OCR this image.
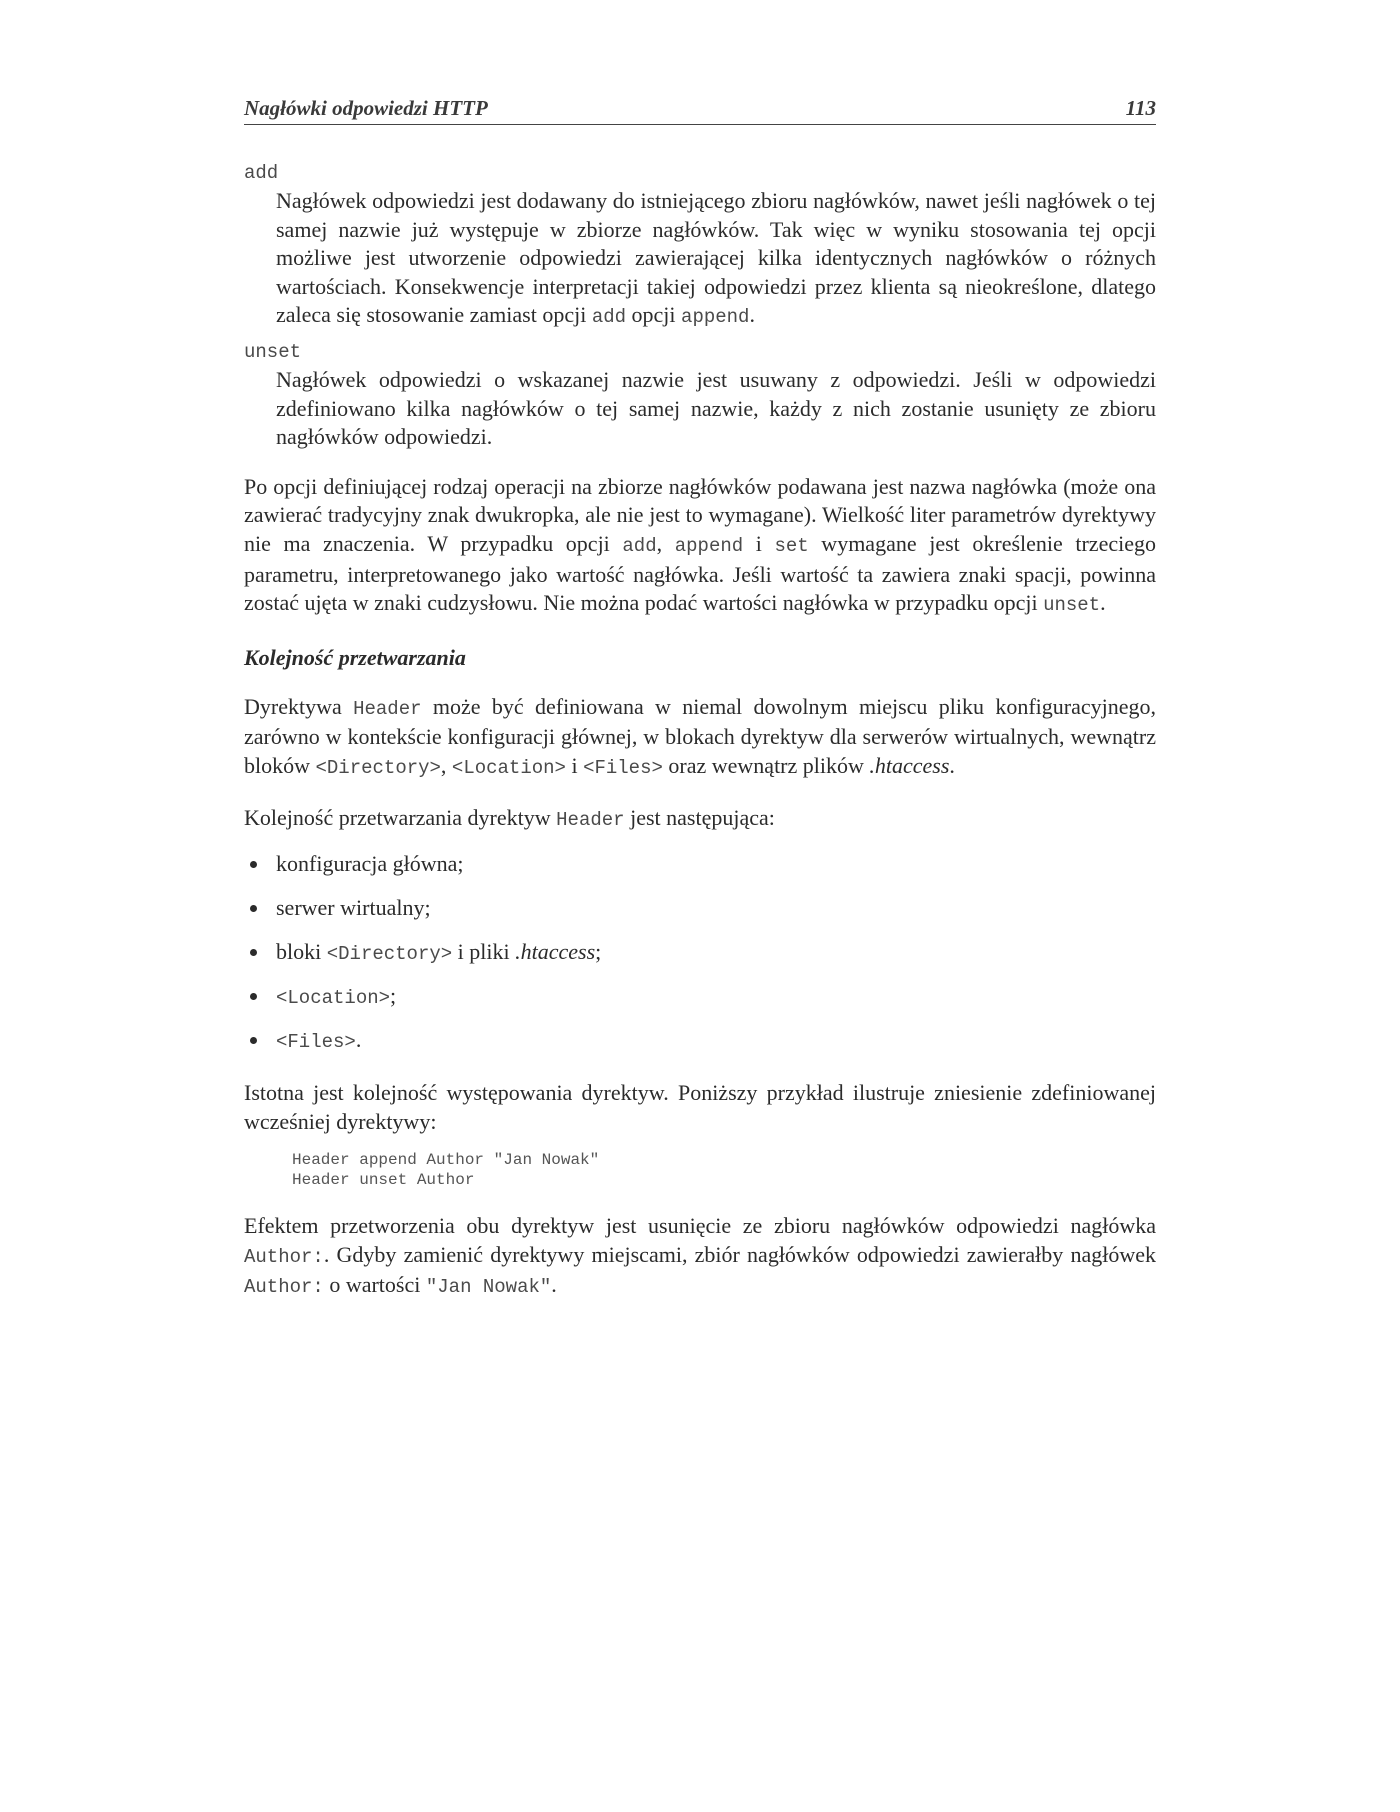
Nagłówki odpowiedzi HTTP	113
add
Nagłówek odpowiedzi jest dodawany do istniejącego zbioru nagłówków, nawet jeśli nagłówek o tej samej nazwie już występuje w zbiorze nagłówków. Tak więc w wyniku stosowania tej opcji możliwe jest utworzenie odpowiedzi zawierającej kilka identycznych nagłówków o różnych wartościach. Konsekwencje interpretacji takiej odpowiedzi przez klienta są nieokreślone, dlatego zaleca się stosowanie zamiast opcji add opcji append.
unset
Nagłówek odpowiedzi o wskazanej nazwie jest usuwany z odpowiedzi. Jeśli w odpowiedzi zdefiniowano kilka nagłówków o tej samej nazwie, każdy z nich zostanie usunięty ze zbioru nagłówków odpowiedzi.

Po opcji definiującej rodzaj operacji na zbiorze nagłówków podawana jest nazwa nagłówka (może ona zawierać tradycyjny znak dwukropka, ale nie jest to wymagane). Wielkość liter parametrów dyrektywy nie ma znaczenia. W przypadku opcji add, append i set wymagane jest określenie trzeciego parametru, interpretowanego jako wartość nagłówka. Jeśli wartość ta zawiera znaki spacji, powinna zostać ujęta w znaki cudzysłowu. Nie można podać wartości nagłówka w przypadku opcji unset.

Kolejność przetwarzania

Dyrektywa Header może być definiowana w niemal dowolnym miejscu pliku konfiguracyjnego, zarówno w kontekście konfiguracji głównej, w blokach dyrektyw dla serwerów wirtualnych, wewnątrz bloków <Directory>, <Location> i <Files> oraz wewnątrz plików .htaccess.

Kolejność przetwarzania dyrektyw Header jest następująca:

konfiguracja główna;
serwer wirtualny;
bloki <Directory> i pliki .htaccess;
<Location>;
<Files>.

Istotna jest kolejność występowania dyrektyw. Poniższy przykład ilustruje zniesienie zdefiniowanej wcześniej dyrektywy:

Header append Author "Jan Nowak"
Header unset Author

Efektem przetworzenia obu dyrektyw jest usunięcie ze zbioru nagłówków odpowiedzi nagłówka Author:. Gdyby zamienić dyrektywy miejscami, zbiór nagłówków odpowiedzi zawierałby nagłówek Author: o wartości "Jan Nowak".
